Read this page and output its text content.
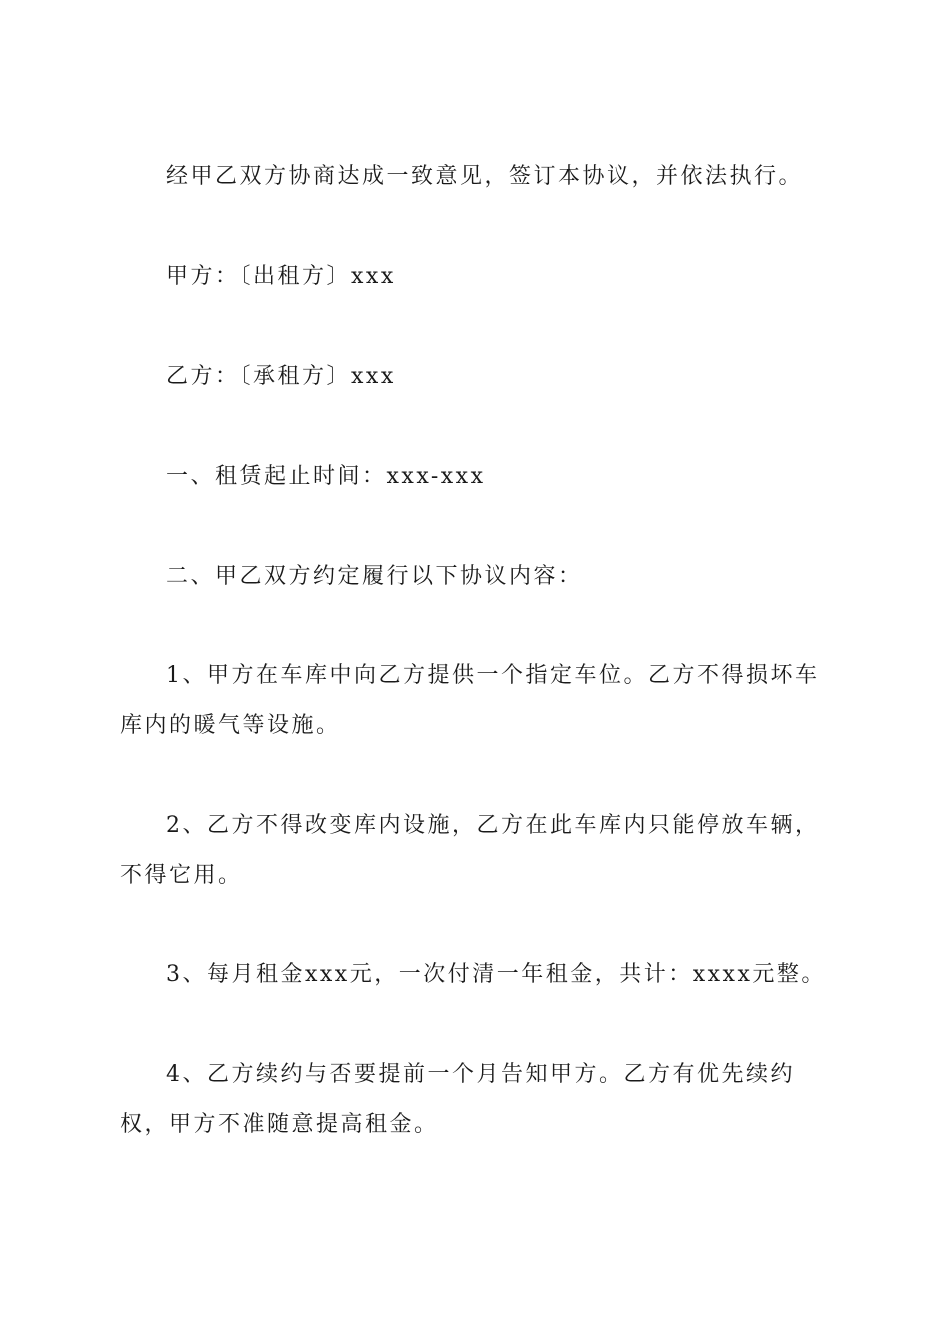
经甲乙双方协商达成一致意见，签订本协议，并依法执行。

甲方：〔出租方〕xxx

乙方：〔承租方〕xxx

一、租赁起止时间：xxx-xxx

二、甲乙双方约定履行以下协议内容：

1、甲方在车库中向乙方提供一个指定车位。乙方不得损坏车库内的暖气等设施。

2、乙方不得改变库内设施，乙方在此车库内只能停放车辆，不得它用。

3、每月租金xxx元，一次付清一年租金，共计：xxxx元整。

4、乙方续约与否要提前一个月告知甲方。乙方有优先续约权，甲方不准随意提高租金。
